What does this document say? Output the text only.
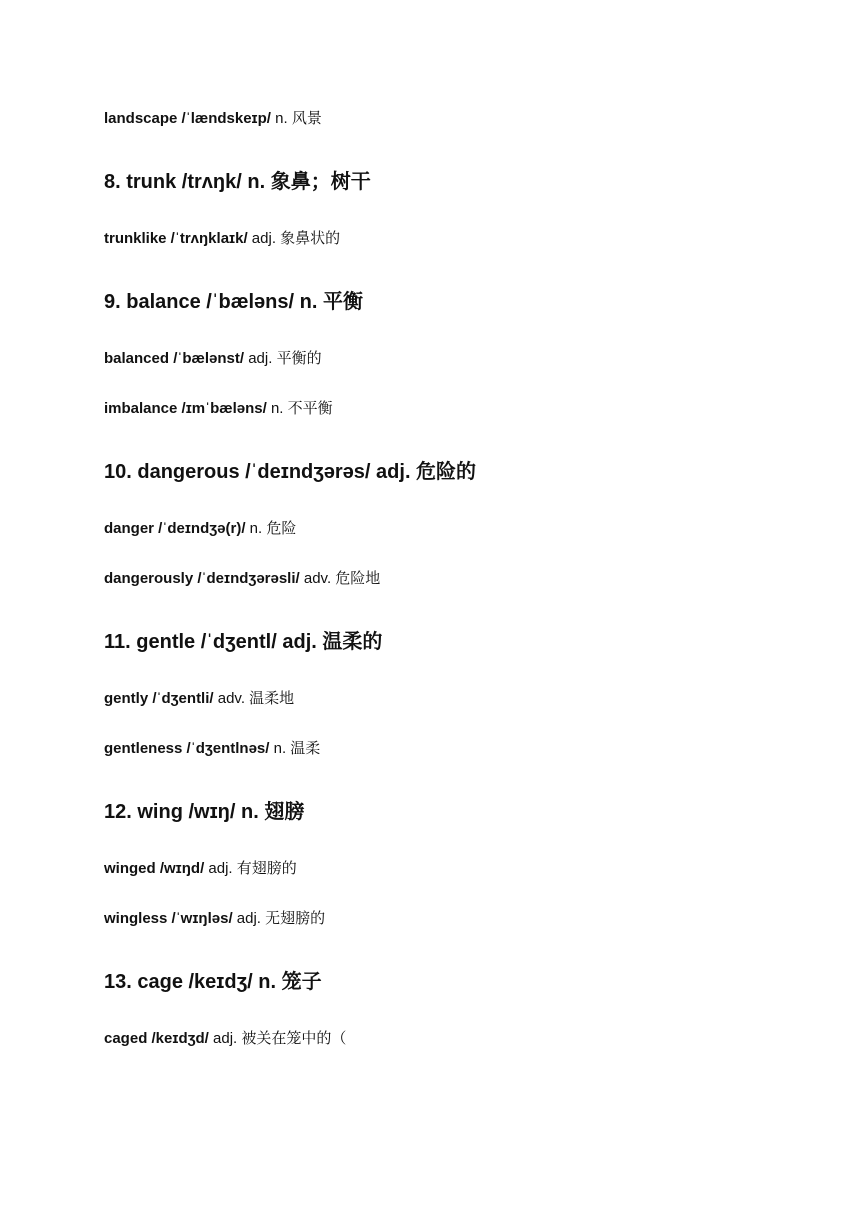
landscape /ˈlændskeɪp/ n. 风景
8. trunk /trʌŋk/ n. 象鼻；树干
trunklike /ˈtrʌŋklaɪk/ adj. 象鼻状的
9. balance /ˈbæləns/ n. 平衡
balanced /ˈbælənst/ adj. 平衡的
imbalance /ɪmˈbæləns/ n. 不平衡
10. dangerous /ˈdeɪndʒərəs/ adj. 危险的
danger /ˈdeɪndʒə(r)/ n. 危险
dangerously /ˈdeɪndʒərəsli/ adv. 危险地
11. gentle /ˈdʒentl/ adj. 温柔的
gently /ˈdʒentli/ adv. 温柔地
gentleness /ˈdʒentlnəs/ n. 温柔
12. wing /wɪŋ/ n. 翅膀
winged /wɪŋd/ adj. 有翅膀的
wingless /ˈwɪŋləs/ adj. 无翅膀的
13. cage /keɪdʒ/ n. 笼子
caged /keɪdʒd/ adj. 被关在笼中的（
